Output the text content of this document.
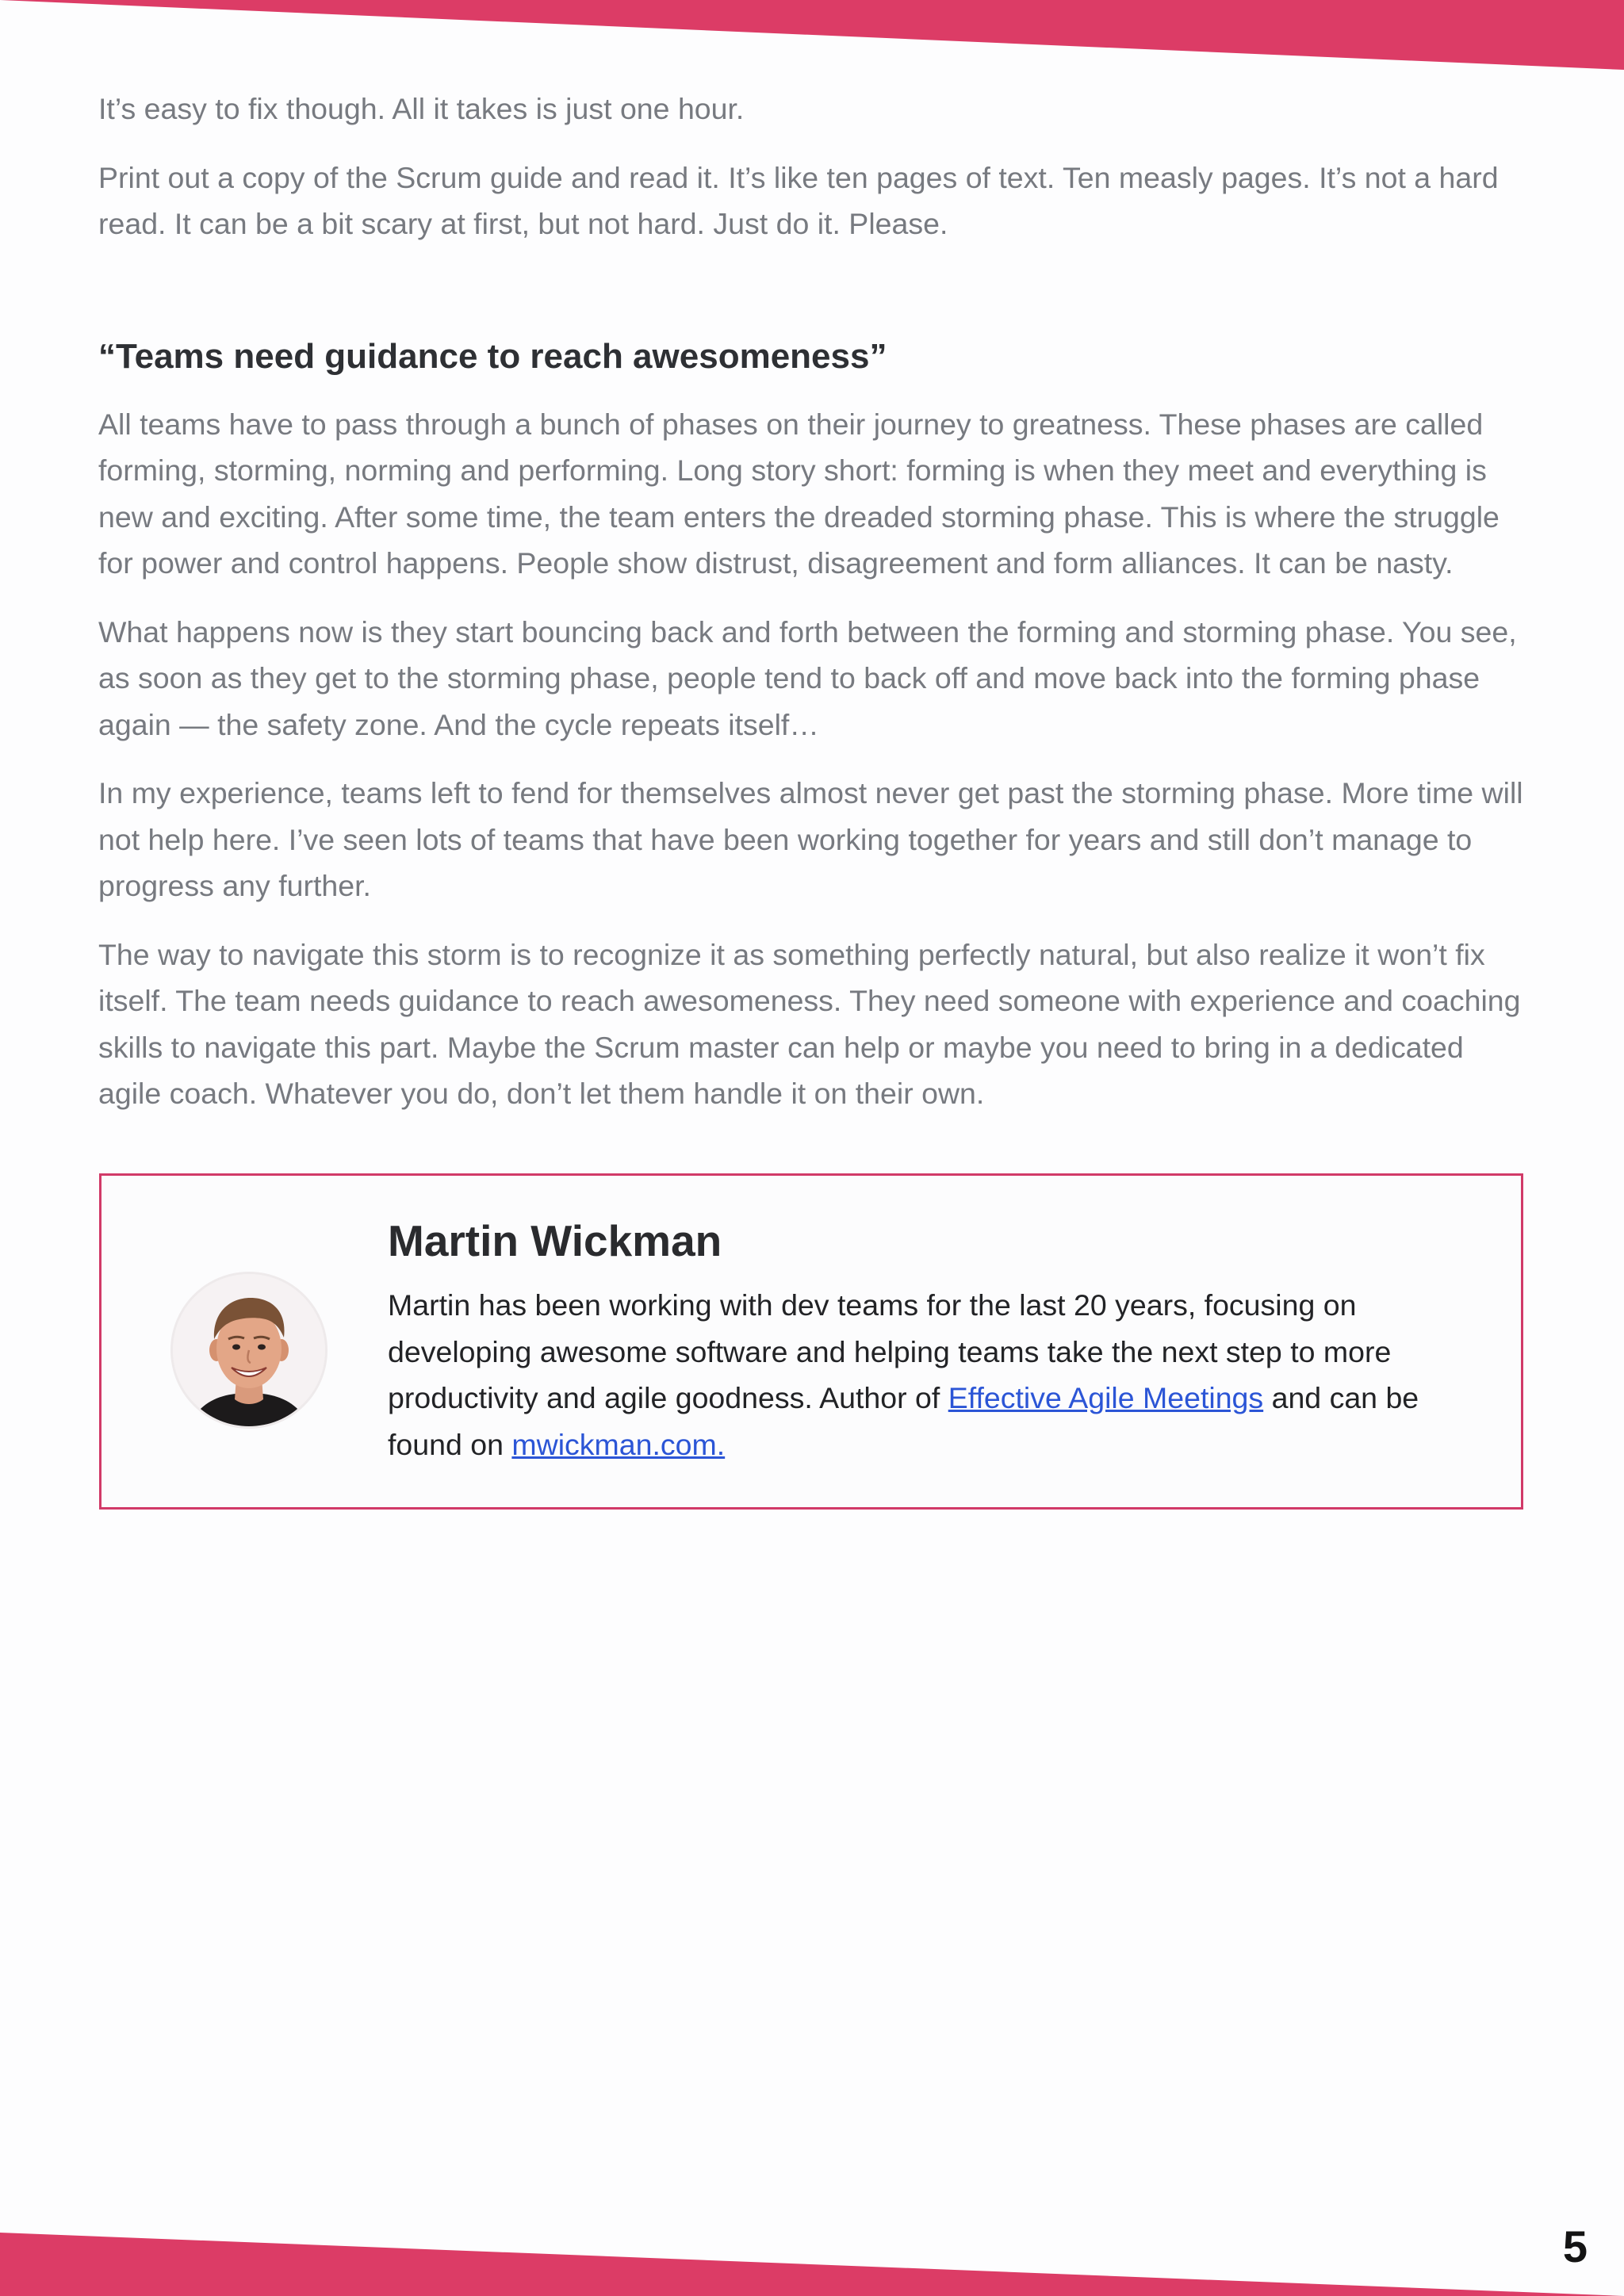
It’s easy to fix though. All it takes is just one hour.

Print out a copy of the Scrum guide and read it. It’s like ten pages of text. Ten measly pages. It’s not a hard read. It can be a bit scary at first, but not hard. Just do it. Please.

“Teams need guidance to reach awesomeness”

All teams have to pass through a bunch of phases on their journey to greatness. These phases are called forming, storming, norming and performing. Long story short: forming is when they meet and everything is new and exciting. After some time, the team enters the dreaded storming phase. This is where the struggle for power and control happens. People show distrust, disagreement and form alliances. It can be nasty.

What happens now is they start bouncing back and forth between the forming and storming phase. You see, as soon as they get to the storming phase, people tend to back off and move back into the forming phase again — the safety zone. And the cycle repeats itself…

In my experience, teams left to fend for themselves almost never get past the storming phase. More time will not help here. I’ve seen lots of teams that have been working together for years and still don’t manage to progress any further.

The way to navigate this storm is to recognize it as something perfectly natural, but also realize it won’t fix itself. The team needs guidance to reach awesomeness. They need someone with experience and coaching skills to navigate this part. Maybe the Scrum master can help or maybe you need to bring in a dedicated agile coach. Whatever you do, don’t let them handle it on their own.

Martin Wickman

Martin has been working with dev teams for the last 20 years, focusing on developing awesome software and helping teams take the next step to more productivity and agile goodness. Author of Effective Agile Meetings and can be found on mwickman.com.

5
